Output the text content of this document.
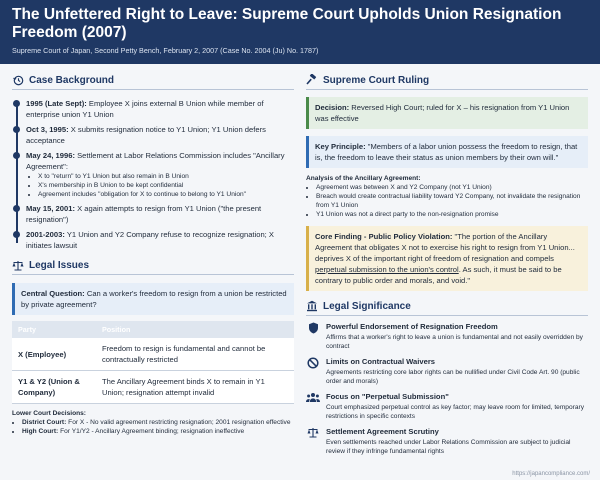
The Unfettered Right to Leave: Supreme Court Upholds Union Resignation Freedom (2007)
Supreme Court of Japan, Second Petty Bench, February 2, 2007 (Case No. 2004 (Ju) No. 1787)
Case Background
1995 (Late Sept): Employee X joins external B Union while member of enterprise union Y1 Union
Oct 3, 1995: X submits resignation notice to Y1 Union; Y1 Union defers acceptance
May 24, 1996: Settlement at Labor Relations Commission includes "Ancillary Agreement":
• X to "return" to Y1 Union but also remain in B Union
• X's membership in B Union to be kept confidential
• Agreement includes "obligation for X to continue to belong to Y1 Union"
May 15, 2001: X again attempts to resign from Y1 Union ("the present resignation")
2001-2003: Y1 Union and Y2 Company refuse to recognize resignation; X initiates lawsuit
Legal Issues
Central Question: Can a worker's freedom to resign from a union be restricted by private agreement?
Party	Position
X (Employee)	Freedom to resign is fundamental and cannot be contractually restricted
Y1 & Y2 (Union & Company)	The Ancillary Agreement binds X to remain in Y1 Union; resignation attempt invalid
Lower Court Decisions:
• District Court: For X - No valid agreement restricting resignation; 2001 resignation effective
• High Court: For Y1/Y2 - Ancillary Agreement binding; resignation ineffective
Supreme Court Ruling
Decision: Reversed High Court; ruled for X – his resignation from Y1 Union was effective
Key Principle: "Members of a labor union possess the freedom to resign, that is, the freedom to leave their status as union members by their own will."
Analysis of the Ancillary Agreement:
• Agreement was between X and Y2 Company (not Y1 Union)
• Breach would create contractual liability toward Y2 Company, not invalidate the resignation from Y1 Union
• Y1 Union was not a direct party to the non-resignation promise
Core Finding - Public Policy Violation: "The portion of the Ancillary Agreement that obligates X not to exercise his right to resign from Y1 Union... deprives X of the important right of freedom of resignation and compels perpetual submission to the union's control. As such, it must be said to be contrary to public order and morals, and void."
Legal Significance
Powerful Endorsement of Resignation Freedom
Affirms that a worker's right to leave a union is fundamental and not easily overridden by contract
Limits on Contractual Waivers
Agreements restricting core labor rights can be nullified under Civil Code Art. 90 (public order and morals)
Focus on "Perpetual Submission"
Court emphasized perpetual control as key factor; may leave room for limited, temporary restrictions in specific contexts
Settlement Agreement Scrutiny
Even settlements reached under Labor Relations Commission are subject to judicial review if they infringe fundamental rights
https://japancompliance.com/
